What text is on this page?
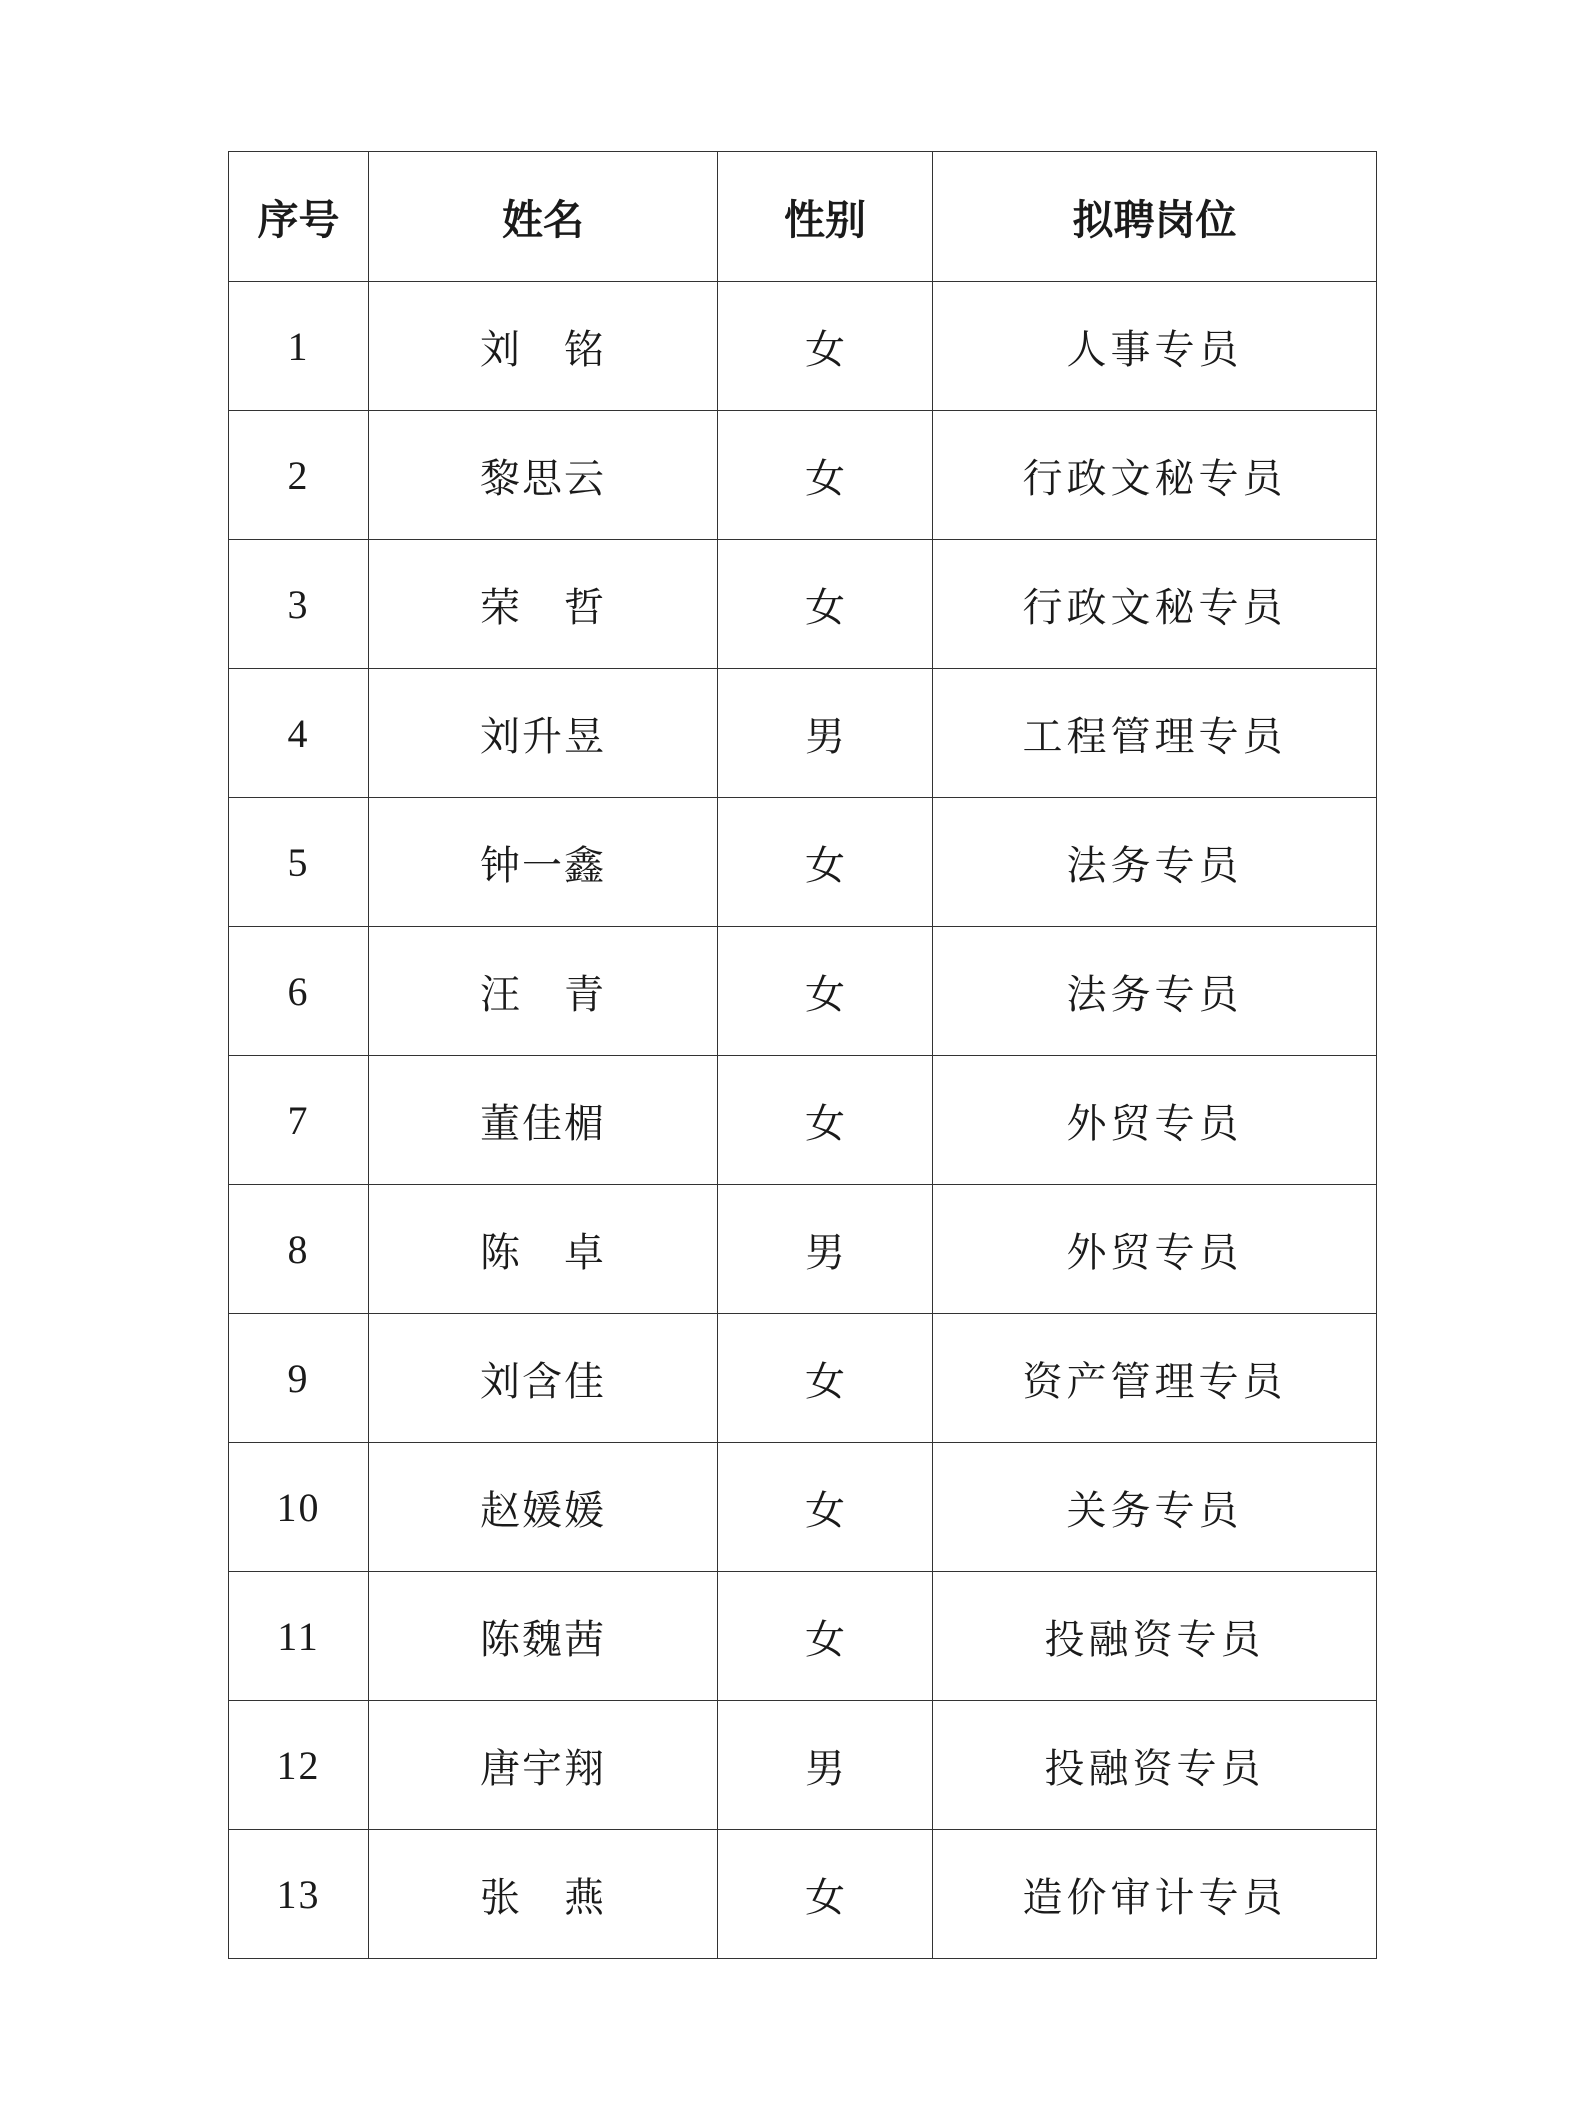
序号	姓名	性别	拟聘岗位
1	刘　铭	女	人事专员
2	黎思云	女	行政文秘专员
3	荣　哲	女	行政文秘专员
4	刘升昱	男	工程管理专员
5	钟一鑫	女	法务专员
6	汪　青	女	法务专员
7	董佳楣	女	外贸专员
8	陈　卓	男	外贸专员
9	刘含佳	女	资产管理专员
10	赵媛媛	女	关务专员
11	陈魏茜	女	投融资专员
12	唐宇翔	男	投融资专员
13	张　燕	女	造价审计专员
